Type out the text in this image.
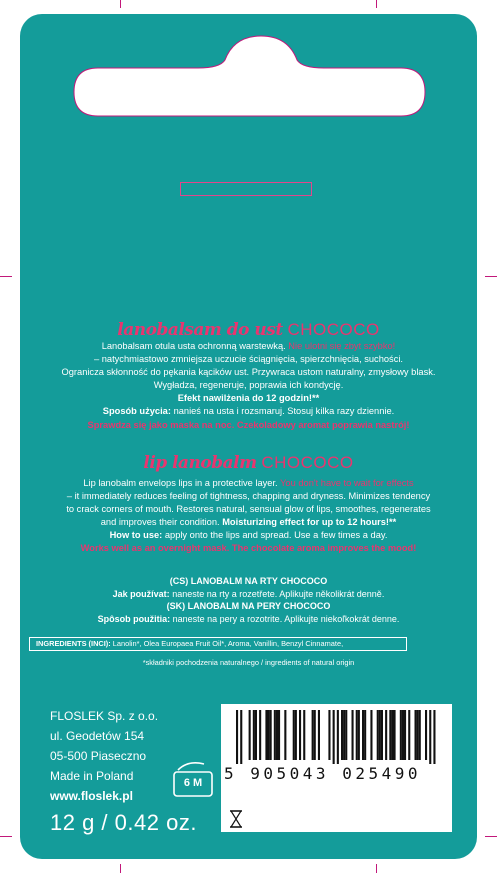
lanobalsam do ust CHOCOCO
Lanobalsam otula usta ochronną warstewką. Nie ulotni się zbyt szybko!
– natychmiastowo zmniejsza uczucie ściągnięcia, spierzchnięcia, suchości.
Ogranicza skłonność do pękania kącików ust. Przywraca ustom naturalny, zmysłowy blask.
Wygładza, regeneruje, poprawia ich kondycję.
Efekt nawilżenia do 12 godzin!**
Sposób użycia: nanieś na usta i rozsmaruj. Stosuj kilka razy dziennie.
Sprawdza się jako maska na noc. Czekoladowy aromat poprawia nastrój!
lip lanobalm CHOCOCO
Lip lanobalm envelops lips in a protective layer. You don't have to wait for effects
– it immediately reduces feeling of tightness, chapping and dryness. Minimizes tendency
to crack corners of mouth. Restores natural, sensual glow of lips, smoothes, regenerates
and improves their condition. Moisturizing effect for up to 12 hours!**
How to use: apply onto the lips and spread. Use a few times a day.
Works well as an overnight mask. The chocolate aroma improves the mood!
(CS) LANOBALM NA RTY CHOCOCO
Jak používat: naneste na rty a rozetřete. Aplikujte několikrát denně.
(SK) LANOBALM NA PERY CHOCOCO
Spôsob použitia: naneste na pery a rozotrite. Aplikujte niekoľkokrát denne.
INGREDIENTS (INCI): Lanolin*, Olea Europaea Fruit Oil*, Aroma, Vanillin, Benzyl Cinnamate,
*składniki pochodzenia naturalnego / ingredients of natural origin
FLOSLEK Sp. z o.o.
ul. Geodetów 154
05-500 Piaseczno
Made in Poland
www.floslek.pl
6 M
12 g / 0.42 oz.
5 905043 025490
